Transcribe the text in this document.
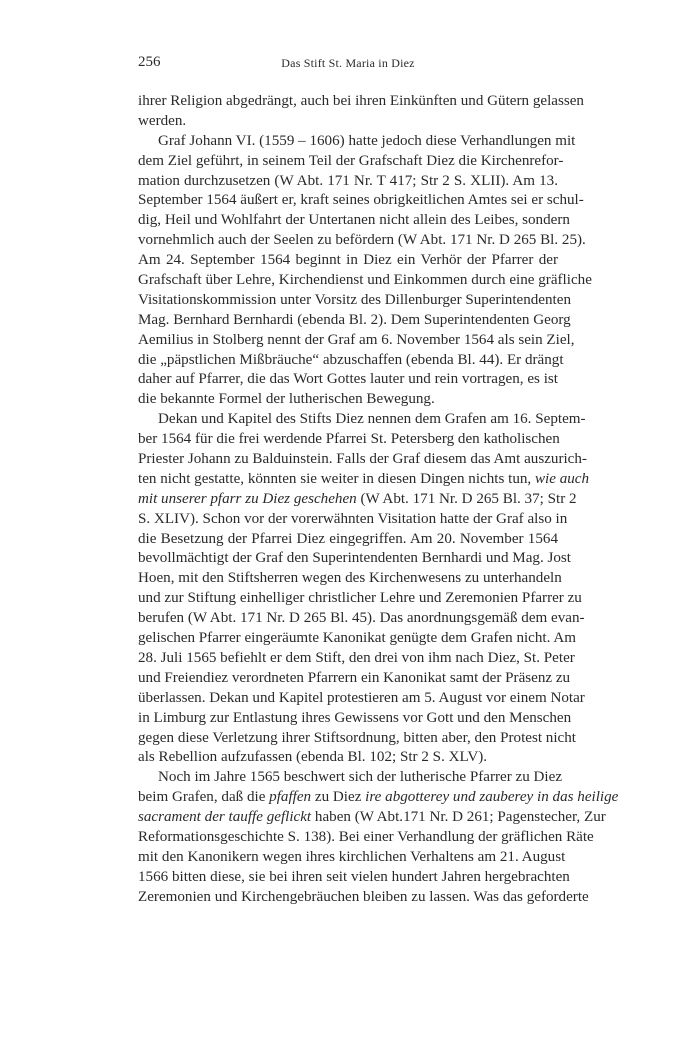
256	Das Stift St. Maria in Diez
ihrer Religion abgedrängt, auch bei ihren Einkünften und Gütern gelassen
werden.
Graf Johann VI. (1559 – 1606) hatte jedoch diese Verhandlungen mit
dem Ziel geführt, in seinem Teil der Grafschaft Diez die Kirchenrefor-
mation durchzusetzen (W Abt. 171 Nr. T 417; Str 2 S. XLII). Am 13.
September 1564 äußert er, kraft seines obrigkeitlichen Amtes sei er schul-
dig, Heil und Wohlfahrt der Untertanen nicht allein des Leibes, sondern
vornehmlich auch der Seelen zu befördern (W Abt. 171 Nr. D 265 Bl. 25).
Am 24. September 1564 beginnt in Diez ein Verhör der Pfarrer der
Grafschaft über Lehre, Kirchendienst und Einkommen durch eine gräfliche
Visitationskommission unter Vorsitz des Dillenburger Superintendenten
Mag. Bernhard Bernhardi (ebenda Bl. 2). Dem Superintendenten Georg
Aemilius in Stolberg nennt der Graf am 6. November 1564 als sein Ziel,
die „päpstlichen Mißbräuche“ abzuschaffen (ebenda Bl. 44). Er drängt
daher auf Pfarrer, die das Wort Gottes lauter und rein vortragen, es ist
die bekannte Formel der lutherischen Bewegung.
Dekan und Kapitel des Stifts Diez nennen dem Grafen am 16. Septem-
ber 1564 für die frei werdende Pfarrei St. Petersberg den katholischen
Priester Johann zu Balduinstein. Falls der Graf diesem das Amt auszurich-
ten nicht gestatte, könnten sie weiter in diesen Dingen nichts tun, wie auch
mit unserer pfarr zu Diez geschehen (W Abt. 171 Nr. D 265 Bl. 37; Str 2
S. XLIV). Schon vor der vorerwähnten Visitation hatte der Graf also in
die Besetzung der Pfarrei Diez eingegriffen. Am 20. November 1564
bevollmächtigt der Graf den Superintendenten Bernhardi und Mag. Jost
Hoen, mit den Stiftsherren wegen des Kirchenwesens zu unterhandeln
und zur Stiftung einhelliger christlicher Lehre und Zeremonien Pfarrer zu
berufen (W Abt. 171 Nr. D 265 Bl. 45). Das anordnungsgemäß dem evan-
gelischen Pfarrer eingeräumte Kanonikat genügte dem Grafen nicht. Am
28. Juli 1565 befiehlt er dem Stift, den drei von ihm nach Diez, St. Peter
und Freiendiez verordneten Pfarrern ein Kanonikat samt der Präsenz zu
überlassen. Dekan und Kapitel protestieren am 5. August vor einem Notar
in Limburg zur Entlastung ihres Gewissens vor Gott und den Menschen
gegen diese Verletzung ihrer Stiftsordnung, bitten aber, den Protest nicht
als Rebellion aufzufassen (ebenda Bl. 102; Str 2 S. XLV).
Noch im Jahre 1565 beschwert sich der lutherische Pfarrer zu Diez
beim Grafen, daß die pfaffen zu Diez ire abgotterey und zauberey in das heilige
sacrament der tauffe geflickt haben (W Abt.171 Nr. D 261; Pagenstecher, Zur
Reformationsgeschichte S. 138). Bei einer Verhandlung der gräflichen Räte
mit den Kanonikern wegen ihres kirchlichen Verhaltens am 21. August
1566 bitten diese, sie bei ihren seit vielen hundert Jahren hergebrachten
Zeremonien und Kirchengebräuchen bleiben zu lassen. Was das geforderte
